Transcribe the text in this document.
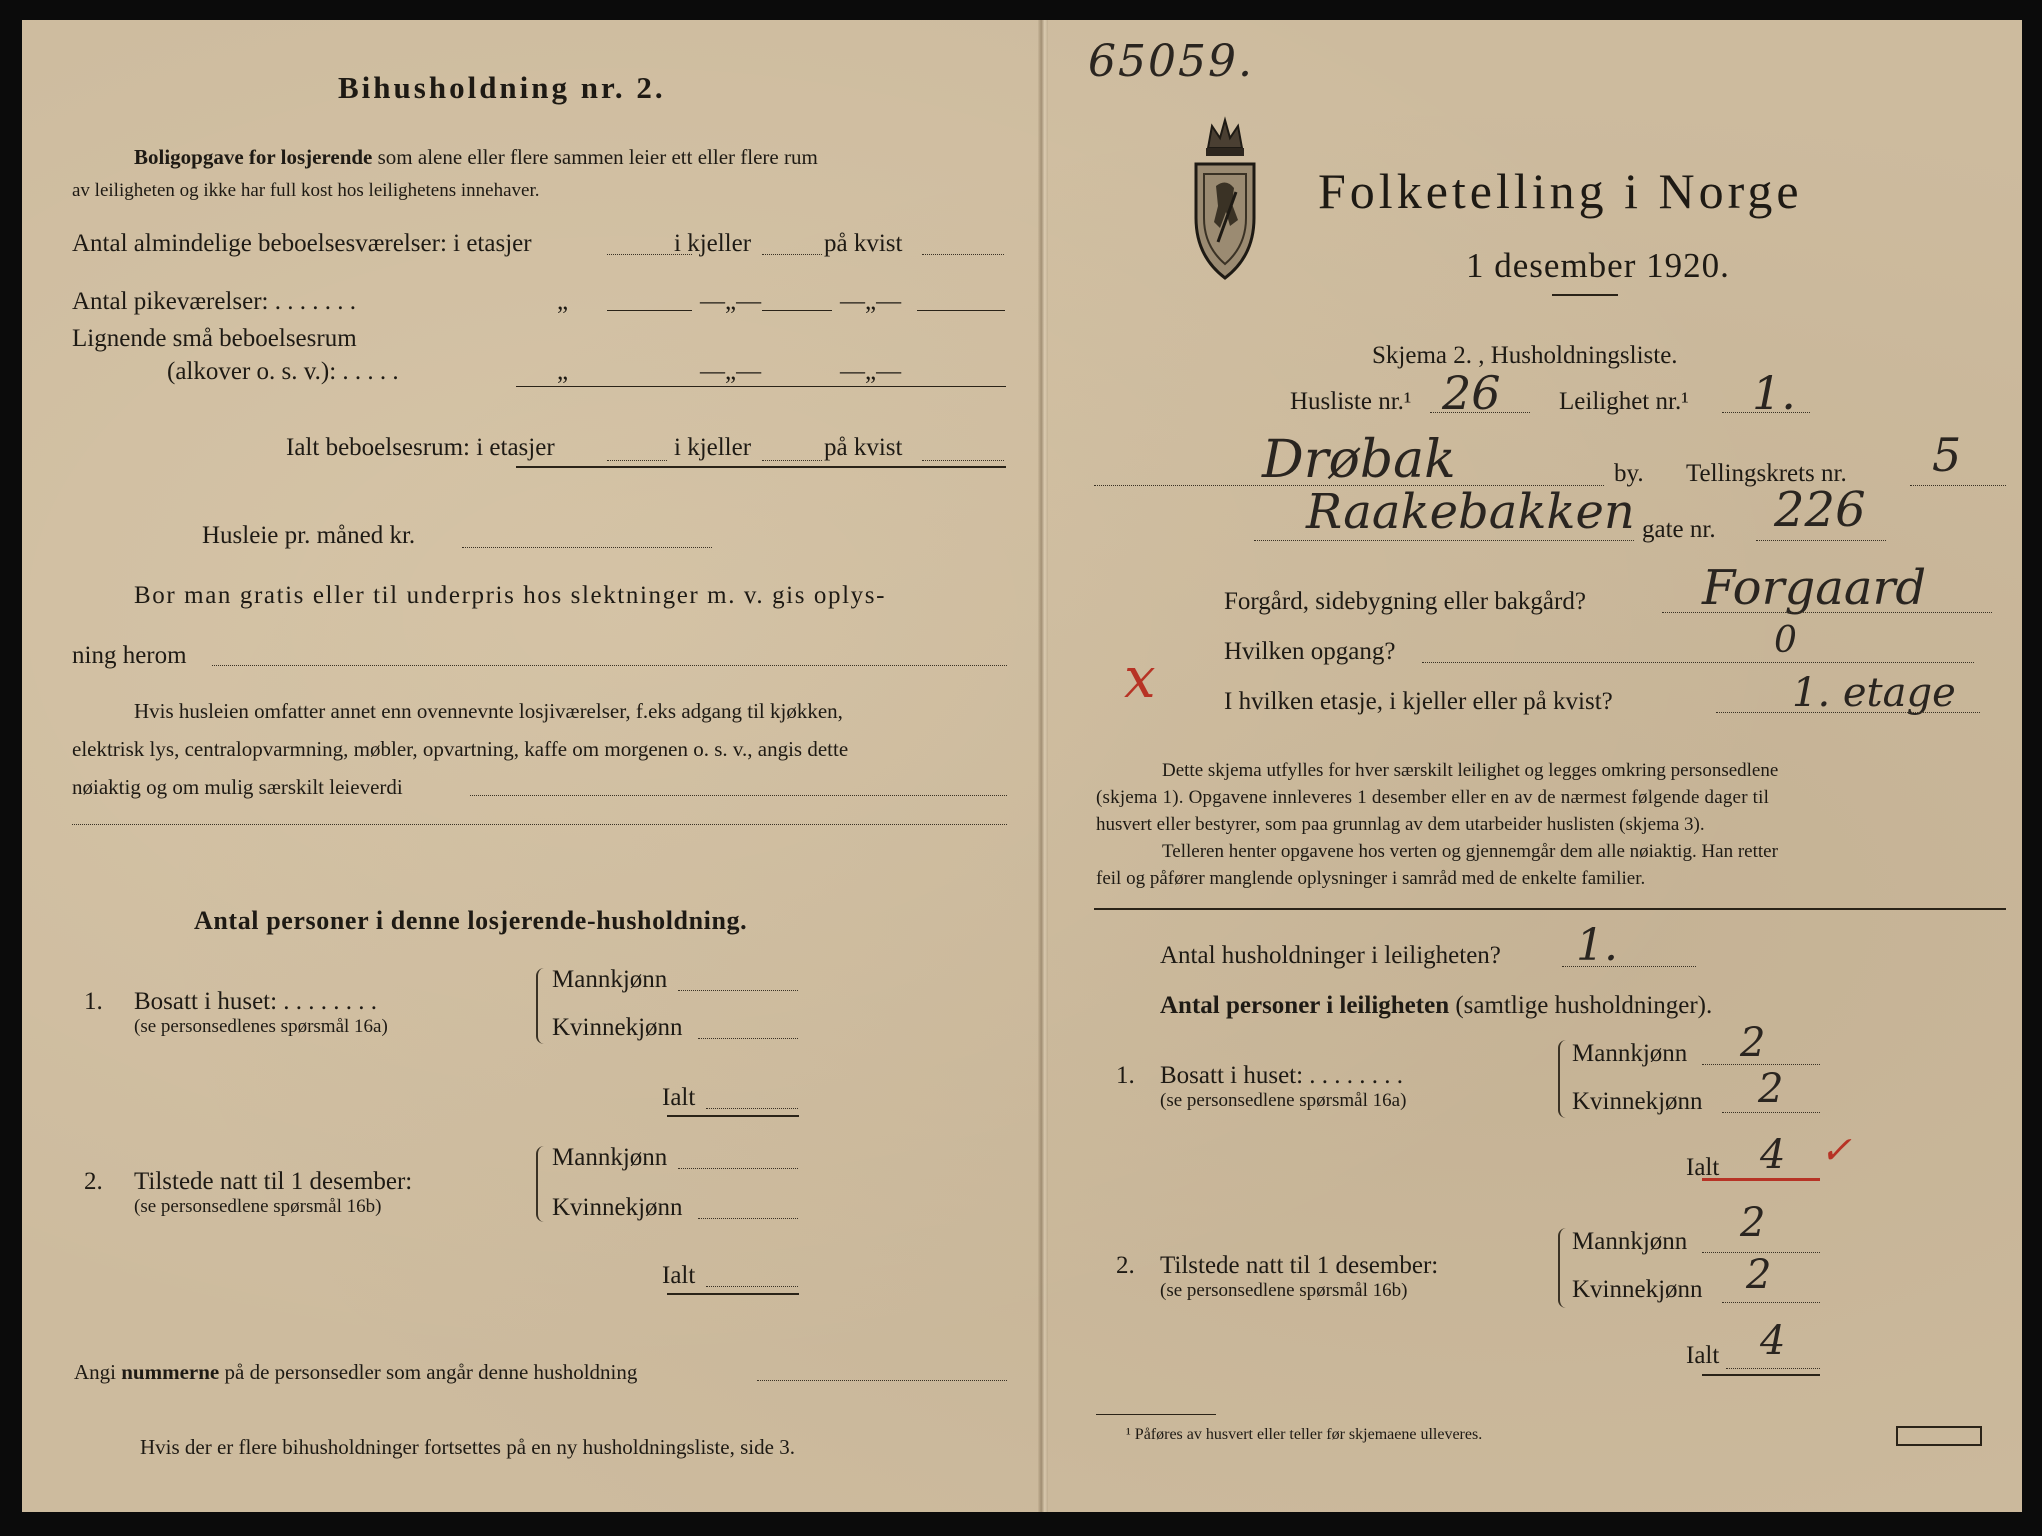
Bihusholdning nr. 2.
Boligopgave for losjerende som alene eller flere sammen leier ett eller flere rum
av leiligheten og ikke har full kost hos leilighetens innehaver.
Antal almindelige beboelsesværelser: i etasjer	i kjeller	på kvist
Antal pikeværelser: . . . . . . .	„	—„—	—„—
Lignende små beboelsesrum
(alkover o. s. v.): . . . . .	„	—„—	—„—
Ialt beboelsesrum: i etasjer	i kjeller	på kvist
Husleie pr. måned kr.
Bor man gratis eller til underpris hos slektninger m. v. gis oplys-
ning herom
Hvis husleien omfatter annet enn ovennevnte losjiværelser, f.eks adgang til kjøkken,
elektrisk lys, centralopvarmning, møbler, opvartning, kaffe om morgenen o. s. v., angis dette
nøiaktig og om mulig særskilt leieverdi
Antal personer i denne losjerende-husholdning.
1. Bosatt i huset: . . . . . . . .
(se personsedlenes spørsmål 16a)
Mannkjønn
Kvinnekjønn
Ialt
2. Tilstede natt til 1 desember:
(se personsedlene spørsmål 16b)
Mannkjønn
Kvinnekjønn
Ialt
Angi nummerne på de personsedler som angår denne husholdning
Hvis der er flere bihusholdninger fortsettes på en ny husholdningsliste, side 3.
65059.
Folketelling i Norge
1 desember 1920.
Skjema 2. , Husholdningsliste.
Husliste nr.¹ 26 Leilighet nr.¹ 1.
Drøbak	by. Tellingskrets nr. 5
Raakebakken gate nr. 226
Forgård, sidebygning eller bakgård? Forgaard
x	Hvilken opgang?	0
I hvilken etasje, i kjeller eller på kvist?	1. etage
Dette skjema utfylles for hver særskilt leilighet og legges omkring personsedlene
(skjema 1). Opgavene innleveres 1 desember eller en av de nærmest følgende dager til
husvert eller bestyrer, som paa grunnlag av dem utarbeider huslisten (skjema 3).
Telleren henter opgavene hos verten og gjennemgår dem alle nøiaktig. Han retter
feil og påfører manglende oplysninger i samråd med de enkelte familier.
Antal husholdninger i leiligheten? 1.
Antal personer i leiligheten (samtlige husholdninger).
1. Bosatt i huset: . . . . . . . .
(se personsedlene spørsmål 16a)
Mannkjønn 2
Kvinnekjønn 2
Ialt 4 ✓
2. Tilstede natt til 1 desember:
(se personsedlene spørsmål 16b)
Mannkjønn 2
Kvinnekjønn 2
Ialt 4
¹ Påføres av husvert eller teller før skjemaene ulleveres.
